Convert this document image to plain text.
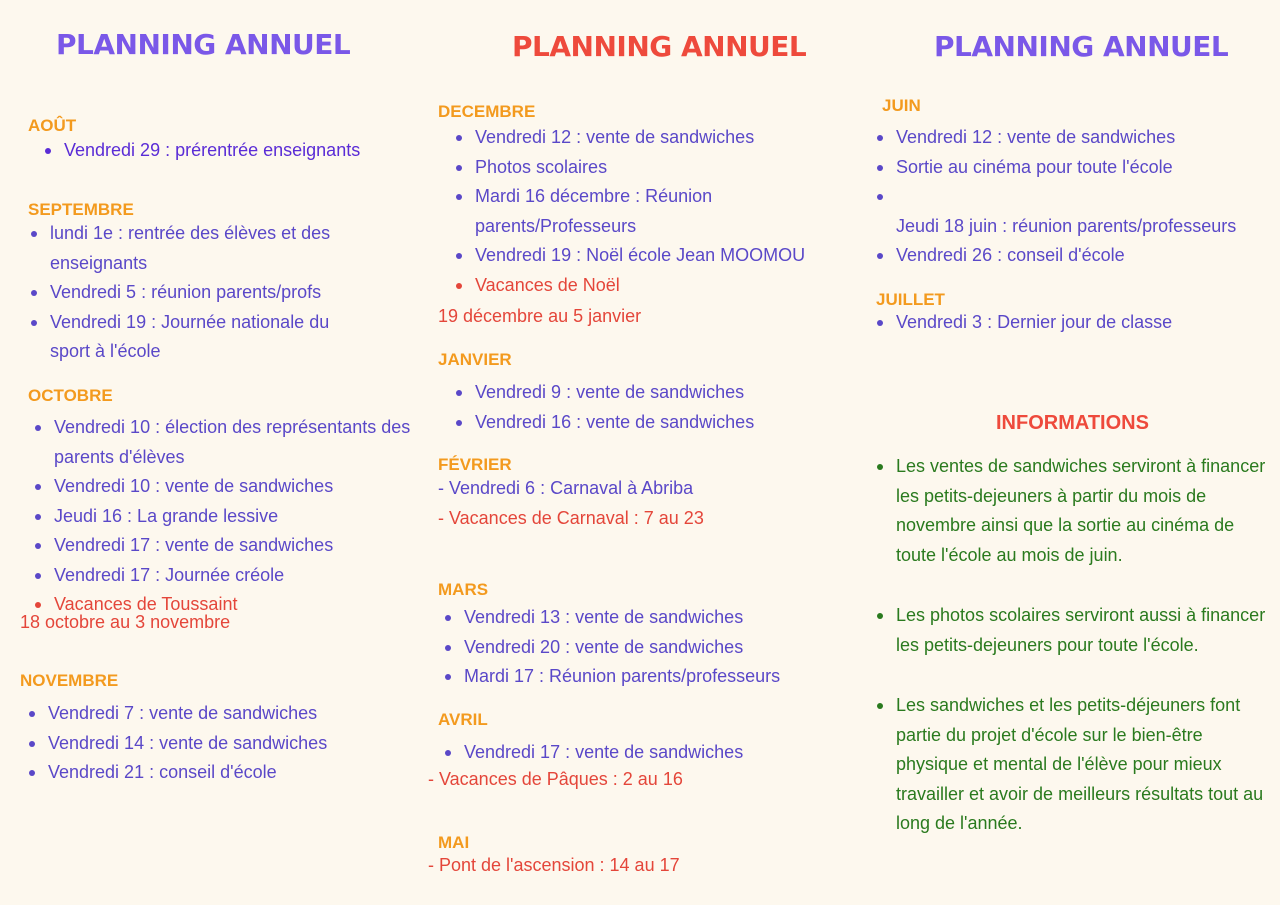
PLANNING ANNUEL
AOÛT
Vendredi 29 : prérentrée enseignants
SEPTEMBRE
lundi 1e : rentrée des élèves et des enseignants
Vendredi 5 : réunion parents/profs
Vendredi 19 : Journée nationale du sport à l'école
OCTOBRE
Vendredi 10 : élection des représentants des parents d'élèves
Vendredi 10 : vente de sandwiches
Jeudi 16 : La grande lessive
Vendredi 17 : vente de sandwiches
Vendredi 17 : Journée créole
Vacances de Toussaint
18 octobre au 3 novembre
NOVEMBRE
Vendredi 7 : vente de sandwiches
Vendredi 14 : vente de sandwiches
Vendredi 21 : conseil d'école
PLANNING ANNUEL
DECEMBRE
Vendredi 12 : vente de sandwiches
Photos scolaires
Mardi 16 décembre : Réunion parents/Professeurs
Vendredi 19 : Noël école Jean MOOMOU
Vacances de Noël
19 décembre au 5 janvier
JANVIER
Vendredi 9 : vente de sandwiches
Vendredi 16 : vente de sandwiches
FÉVRIER
- Vendredi 6 : Carnaval à Abriba
- Vacances de Carnaval : 7 au 23
MARS
Vendredi 13 : vente de sandwiches
Vendredi 20 : vente de sandwiches
Mardi 17 : Réunion parents/professeurs
AVRIL
Vendredi 17 : vente de sandwiches
- Vacances de Pâques : 2 au 16
MAI
- Pont de l'ascension : 14 au 17
PLANNING ANNUEL
JUIN
Vendredi 12 : vente de sandwiches
Sortie au cinéma pour toute l'école
Jeudi 18 juin : réunion parents/professeurs
Vendredi 26 : conseil d'école
JUILLET
Vendredi 3 : Dernier jour de classe
INFORMATIONS
Les ventes de sandwiches serviront à financer les petits-dejeuners à partir du mois de novembre ainsi que la sortie au cinéma de toute l'école au mois de juin.
Les photos scolaires serviront aussi à financer les petits-dejeuners pour toute l'école.
Les sandwiches et les petits-déjeuners font partie du projet d'école sur le bien-être physique et mental de l'élève pour mieux travailler et avoir de meilleurs résultats tout au long de l'année.
